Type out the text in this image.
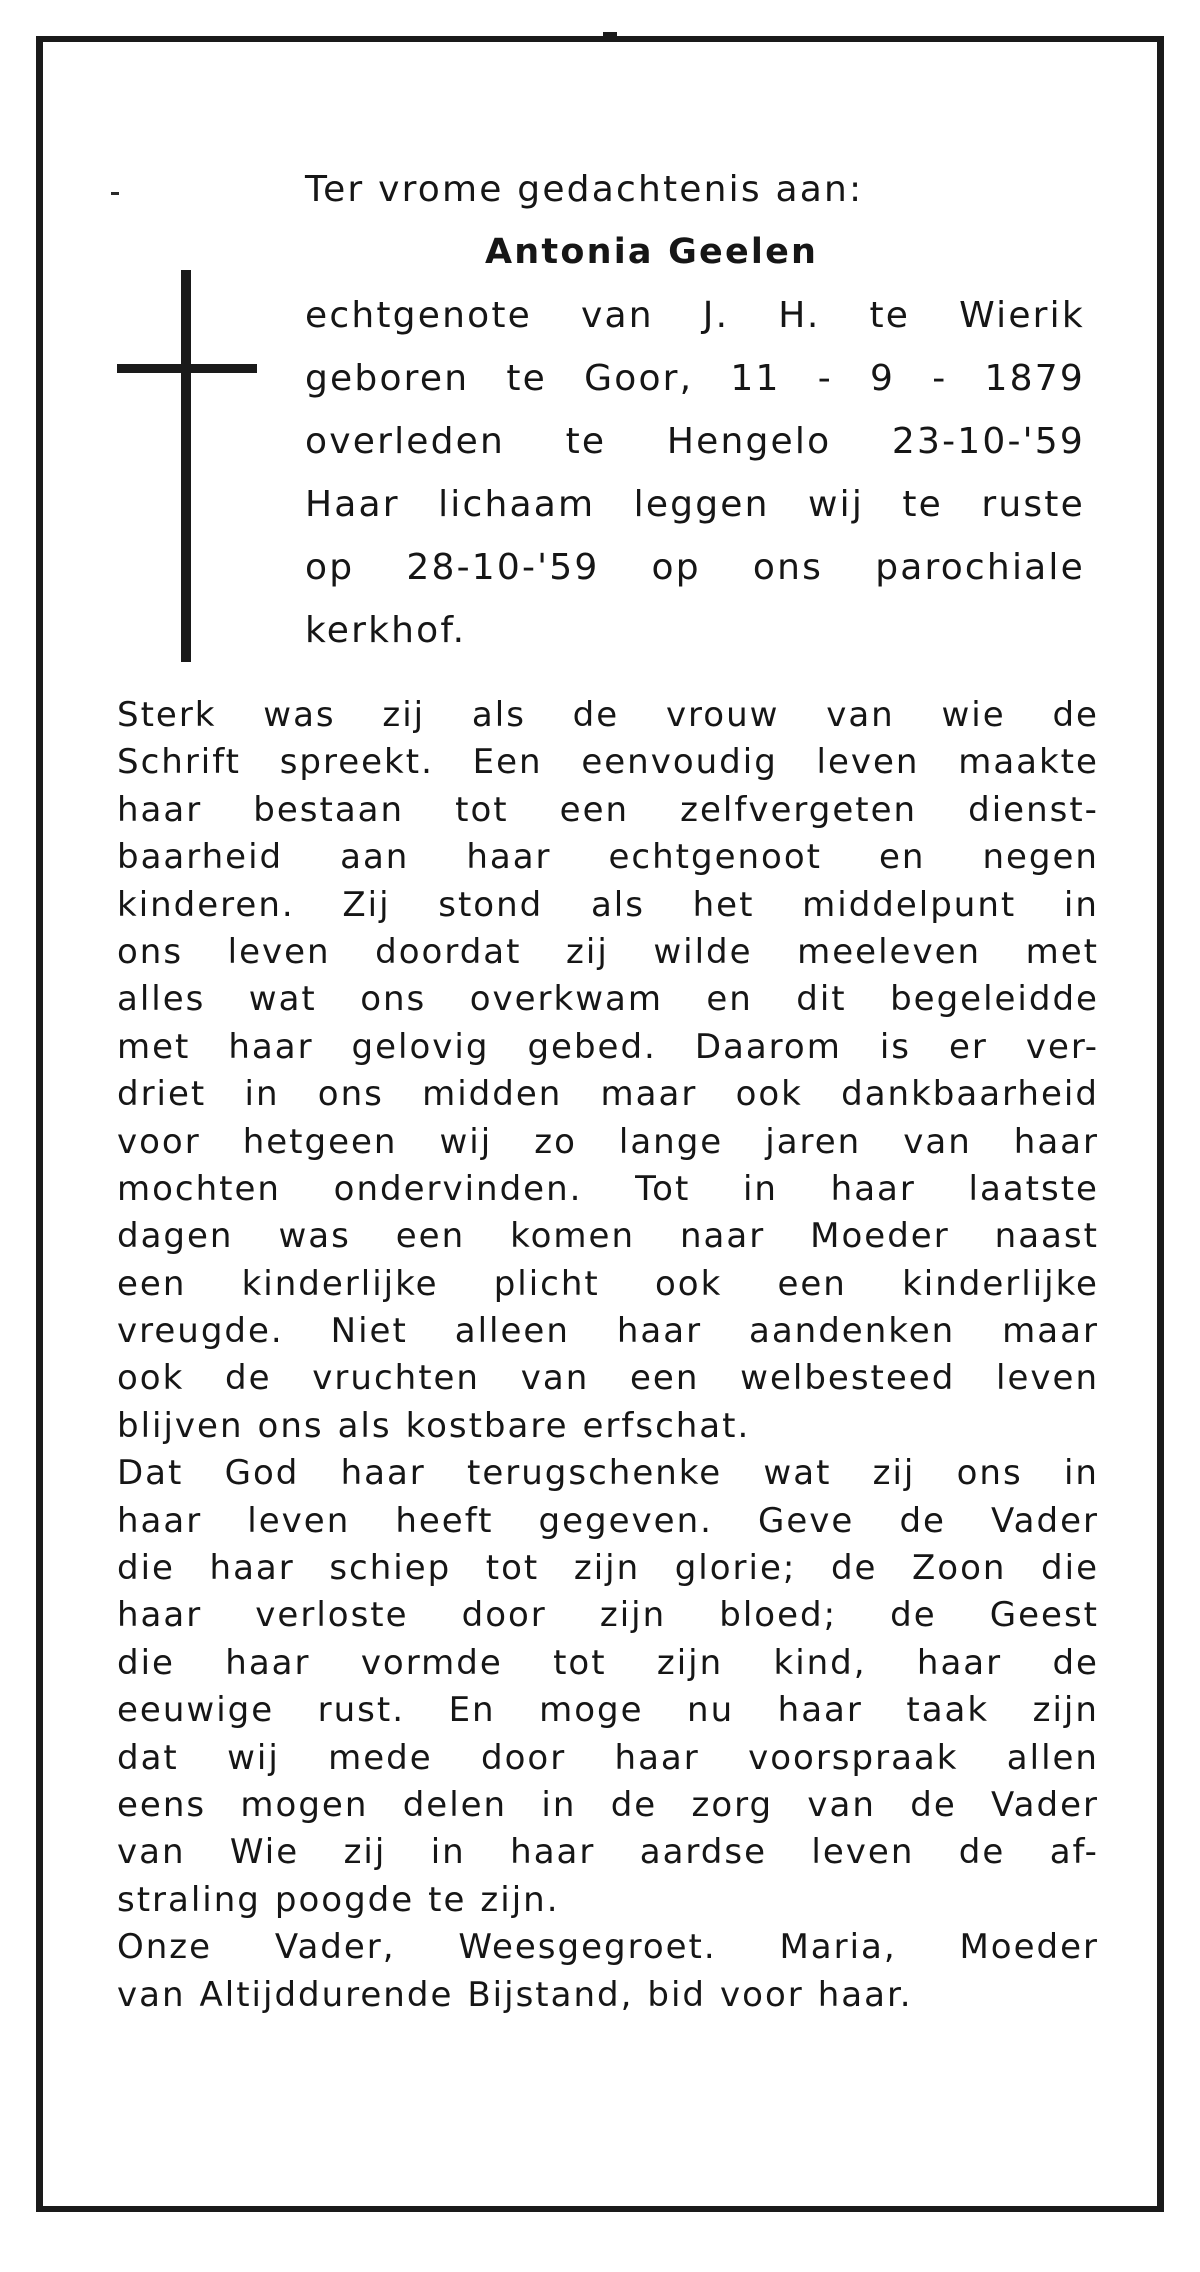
Ter vrome gedachtenis aan:
Antonia Geelen
echtgenote van J. H. te Wierik
geboren te Goor, 11 - 9 - 1879
overleden te Hengelo 23-10-'59
Haar lichaam leggen wij te ruste
op 28-10-'59 op ons parochiale
kerkhof.
Sterk was zij als de vrouw van wie de
Schrift spreekt. Een eenvoudig leven maakte
haar bestaan tot een zelfvergeten dienst-
baarheid aan haar echtgenoot en negen
kinderen. Zij stond als het middelpunt in
ons leven doordat zij wilde meeleven met
alles wat ons overkwam en dit begeleidde
met haar gelovig gebed. Daarom is er ver-
driet in ons midden maar ook dankbaarheid
voor hetgeen wij zo lange jaren van haar
mochten ondervinden. Tot in haar laatste
dagen was een komen naar Moeder naast
een kinderlijke plicht ook een kinderlijke
vreugde. Niet alleen haar aandenken maar
ook de vruchten van een welbesteed leven
blijven ons als kostbare erfschat.
Dat God haar terugschenke wat zij ons in
haar leven heeft gegeven. Geve de Vader
die haar schiep tot zijn glorie; de Zoon die
haar verloste door zijn bloed; de Geest
die haar vormde tot zijn kind, haar de
eeuwige rust. En moge nu haar taak zijn
dat wij mede door haar voorspraak allen
eens mogen delen in de zorg van de Vader
van Wie zij in haar aardse leven de af-
straling poogde te zijn.
Onze Vader, Weesgegroet. Maria, Moeder
van Altijddurende Bijstand, bid voor haar.
